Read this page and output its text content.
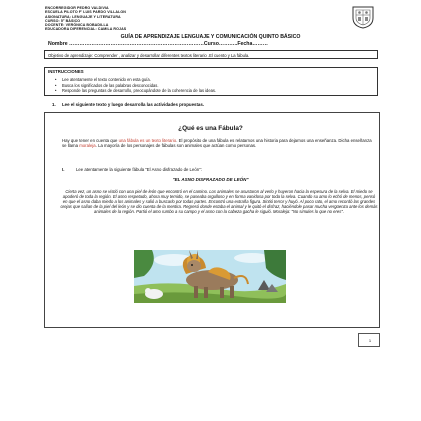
ENCORREGIDOR PEDRO VALDIVIA
ESCUELA PILOTO F' LUIS PARDO VILLALON
ASIGNATURA: LENGUAJE Y LITERATURA
CURSO: 5° BÁSICO
DOCENTE: VERÓNICA BOBADILLA
EDUCADORA DIFERENCIAL: CAMILA ROJAS
GUÍA DE APRENDIZAJE LENGUAJE Y COMUNICACIÓN QUINTO BÁSICO
Nombre ……………………………………………………………………Curso………..Fecha………
Objetivo de aprendizaje: Comprender , analizar y desarrollar diferentes textos literario .El cuento y La fábula.
INSTRUCCIONES
• Lee atentamente el texto contenido en esta guía.
• Busca los significados de las palabras desconocidas.
• Responde las preguntas de desarrollo, preocupándote de la coherencia de las ideas.
1. Lee el siguiente texto y luego desarrolla las actividades propuestas.
¿Qué es una Fábula?
Hay que tener en cuenta que una fábula es un texto literario. El propósito de una fábula es relatarnos una historia para dejarnos una enseñanza. Dicha enseñanza se llama moraleja. La mayoría de los personajes de fábulas son animales que actúan como personas.
I.	Lee atentamente la siguiente fábula "El Asno disfrazado de León":
"EL ASNO DISFRAZADO DE LEÓN"
Cierta vez, un asno se vistió con una piel de león que encontró en el camino. Los animales se asustaron al verlo y huyeron hacia la espesura de la selva. El miedo se apoderó de toda la región. El asno respetado, ahora muy temido, se paseaba orgulloso y en forma vanidosa por toda la selva. Cuando su amo lo echó de menos, pensó en que el asno daba miedo a los animales y salió a buscarlo por todas partes. Encontró una extraña figura. Sintió terror y huyó. Al poco rato, el amo recordó las grandes orejas que salían de la piel del león y se dio cuenta de la mentira. Regresó donde estaba el animal y le quitó el disfraz, haciéndole pasar mucha vergüenza ante los demás animales de la región. Partió el amo rumbo a su campo y el asno con la cabeza gacha le siguió. Moraleja: "No simules lo que no eres".
1
